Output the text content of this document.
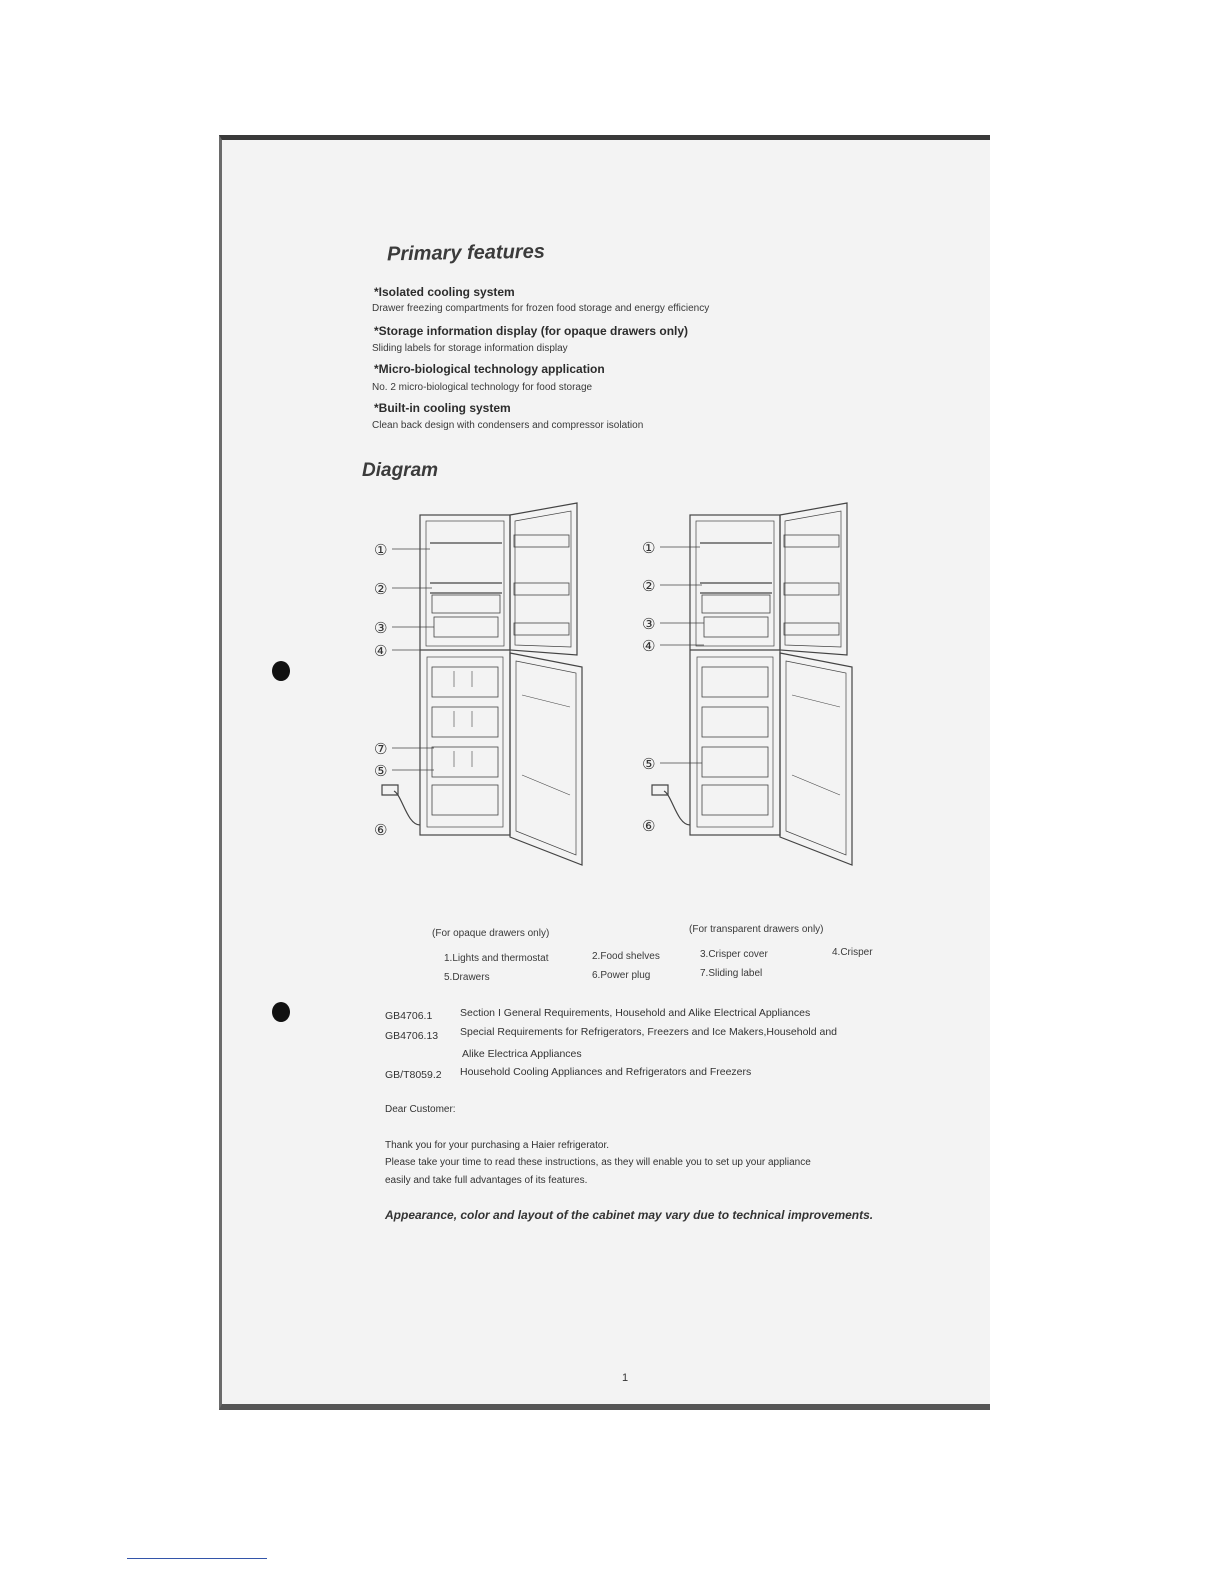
Primary features
*Isolated cooling system
Drawer freezing compartments for frozen food storage and energy efficiency
*Storage information display (for opaque drawers only)
Sliding labels for storage information display
*Micro-biological technology application
No. 2 micro-biological technology for food storage
*Built-in cooling system
Clean back design with condensers and compressor isolation
Diagram
①
②
③
④
⑦
⑤
⑥
①
②
③
④
⑤
⑥
(For opaque drawers only)	(For transparent drawers only)
1.Lights and thermostat	2.Food shelves	3.Crisper cover	4.Crisper
5.Drawers	6.Power plug	7.Sliding label
GB4706.1	Section I General Requirements, Household and Alike Electrical Appliances
GB4706.13 Special Requirements for Refrigerators, Freezers and Ice Makers,Household and
Alike Electrica Appliances
GB/T8059.2 Household Cooling Appliances and Refrigerators and Freezers
Dear Customer:
Thank you for your purchasing a Haier refrigerator.
Please take your time to read these instructions, as they will enable you to set up your appliance
easily and take full advantages of its features.
Appearance, color and layout of the cabinet may vary due to technical improvements.
1
